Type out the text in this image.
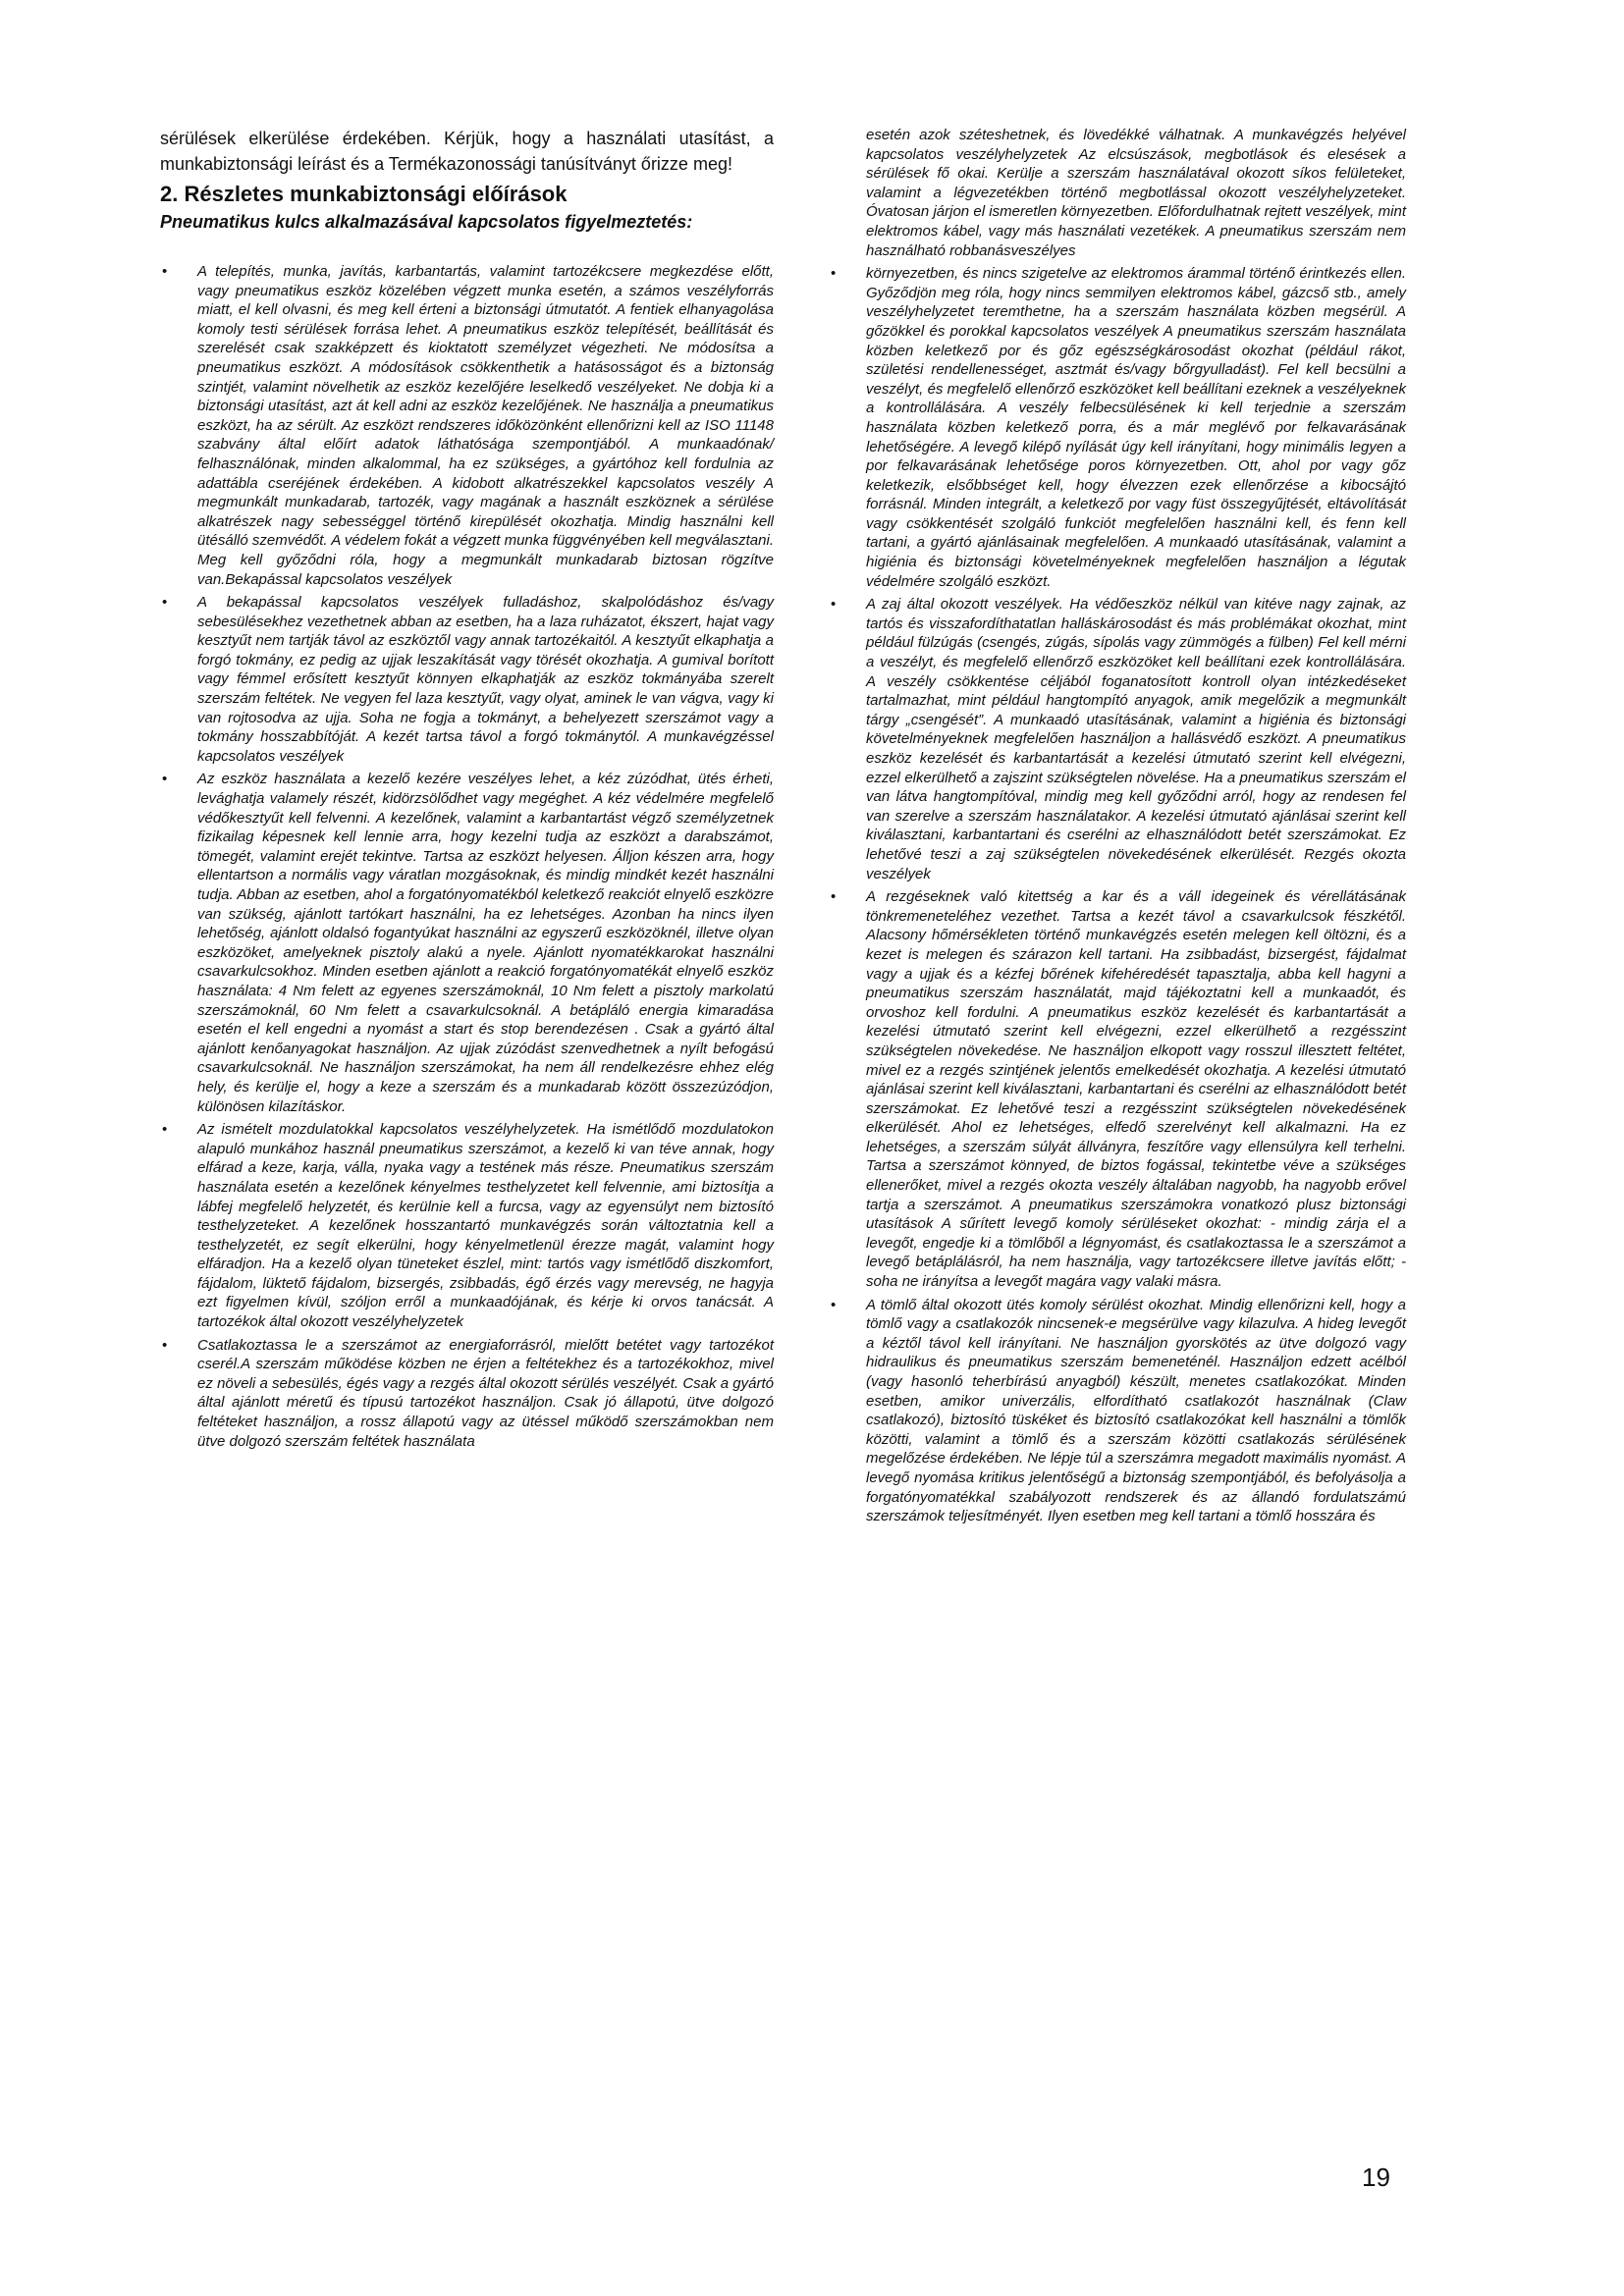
sérülések elkerülése érdekében. Kérjük, hogy a használati utasítást, a munkabiztonsági leírást és a Termékazonossági tanúsítványt őrizze meg!

2. Részletes munkabiztonsági előírások
Pneumatikus kulcs alkalmazásával kapcsolatos figyelmeztetés:
• A telepítés, munka, javítás, karbantartás, valamint tartozékcsere megkezdése előtt, vagy pneumatikus eszköz közelében végzett munka esetén, a számos veszélyforrás miatt, el kell olvasni, és meg kell érteni a biztonsági útmutatót. A fentiek elhanyagolása komoly testi sérülések forrása lehet. A pneumatikus eszköz telepítését, beállítását és szerelését csak szakképzett és kioktatott személyzet végezheti. Ne módosítsa a pneumatikus eszközt. A módosítások csökkenthetik a hatásosságot és a biztonság szintjét, valamint növelhetik az eszköz kezelőjére leselkedő veszélyeket. Ne dobja ki a biztonsági utasítást, azt át kell adni az eszköz kezelőjének. Ne használja a pneumatikus eszközt, ha az sérült. Az eszközt rendszeres időközönként ellenőrizni kell az ISO 11148 szabvány által előírt adatok láthatósága szempontjából. A munkaadónak/ felhasználónak, minden alkalommal, ha ez szükséges, a gyártóhoz kell fordulnia az adattábla cseréjének érdekében. A kidobott alkatrészekkel kapcsolatos veszély A megmunkált munkadarab, tartozék, vagy magának a használt eszköznek a sérülése alkatrészek nagy sebességgel történő kirepülését okozhatja. Mindig használni kell ütésálló szemvédőt. A védelem fokát a végzett munka függvényében kell megválasztani. Meg kell győződni róla, hogy a megmunkált munkadarab biztosan rögzítve van.Bekapással kapcsolatos veszélyek
• A bekapással kapcsolatos veszélyek fulladáshoz, skalpolódáshoz és/vagy sebesülésekhez vezethetnek abban az esetben, ha a laza ruházatot, ékszert, hajat vagy kesztyűt nem tartják távol az eszköztől vagy annak tartozékaitól. A kesztyűt elkaphatja a forgó tokmány, ez pedig az ujjak leszakítását vagy törését okozhatja. A gumival borított vagy fémmel erősített kesztyűt könnyen elkaphatják az eszköz tokmányába szerelt szerszám feltétek. Ne vegyen fel laza kesztyűt, vagy olyat, aminek le van vágva, vagy ki van rojtosodva az ujja. Soha ne fogja a tokmányt, a behelyezett szerszámot vagy a tokmány hosszabbítóját. A kezét tartsa távol a forgó tokmánytól. A munkavégzéssel kapcsolatos veszélyek
• Az eszköz használata a kezelő kezére veszélyes lehet, a kéz zúzódhat, ütés érheti, levághatja valamely részét, kidörzsölődhet vagy megéghet. A kéz védelmére megfelelő védőkesztyűt kell felvenni. A kezelőnek, valamint a karbantartást végző személyzetnek fizikailag képesnek kell lennie arra, hogy kezelni tudja az eszközt a darabszámot, tömegét, valamint erejét tekintve. Tartsa az eszközt helyesen. Álljon készen arra, hogy ellentartson a normális vagy váratlan mozgásoknak, és mindig mindkét kezét használni tudja. Abban az esetben, ahol a forgatónyomatékból keletkező reakciót elnyelő eszközre van szükség, ajánlott tartókart használni, ha ez lehetséges. Azonban ha nincs ilyen lehetőség, ajánlott oldalsó fogantyúkat használni az egyszerű eszközöknél, illetve olyan eszközöket, amelyeknek pisztoly alakú a nyele. Ajánlott nyomatékkarokat használni csavarkulcsokhoz. Minden esetben ajánlott a reakció forgatónyomatékát elnyelő eszköz használata: 4 Nm felett az egyenes szerszámoknál, 10 Nm felett a pisztoly markolatú szerszámoknál, 60 Nm felett a csavarkulcsoknál. A betápláló energia kimaradása esetén el kell engedni a nyomást a start és stop berendezésen . Csak a gyártó által ajánlott kenőanyagokat használjon. Az ujjak zúzódást szenvedhetnek a nyílt befogású csavarkulcsoknál. Ne használjon szerszámokat, ha nem áll rendelkezésre ehhez elég hely, és kerülje el, hogy a keze a szerszám és a munkadarab között összezúzódjon, különösen kilazításkor.
• Az ismételt mozdulatokkal kapcsolatos veszélyhelyzetek. Ha ismétlődő mozdulatokon alapuló munkához használ pneumatikus szerszámot, a kezelő ki van téve annak, hogy elfárad a keze, karja, válla, nyaka vagy a testének más része. Pneumatikus szerszám használata esetén a kezelőnek kényelmes testhelyzetet kell felvennie, ami biztosítja a lábfej megfelelő helyzetét, és kerülnie kell a furcsa, vagy az egyensúlyt nem biztosító testhelyzeteket. A kezelőnek hosszantartó munkavégzés során változtatnia kell a testhelyzetét, ez segít elkerülni, hogy kényelmetlenül érezze magát, valamint hogy elfáradjon. Ha a kezelő olyan tüneteket észlel, mint: tartós vagy ismétlődő diszkomfort, fájdalom, lüktető fájdalom, bizsergés, zsibbadás, égő érzés vagy merevség, ne hagyja ezt figyelmen kívül, szóljon erről a munkaadójának, és kérje ki orvos tanácsát. A tartozékok által okozott veszélyhelyzetek
• Csatlakoztassa le a szerszámot az energiaforrásról, mielőtt betétet vagy tartozékot cserél.A szerszám működése közben ne érjen a feltétekhez és a tartozékokhoz, mivel ez növeli a sebesülés, égés vagy a rezgés által okozott sérülés veszélyét. Csak a gyártó által ajánlott méretű és típusú tartozékot használjon. Csak jó állapotú, ütve dolgozó feltéteket használjon, a rossz állapotú vagy az ütéssel működő szerszámokban nem ütve dolgozó szerszám feltétek használata

esetén azok széteshetnek, és lövedékké válhatnak. A munkavégzés helyével kapcsolatos veszélyhelyzetek Az elcsúszások, megbotlások és elesések a sérülések fő okai. Kerülje a szerszám használatával okozott síkos felületeket, valamint a légvezetékben történő megbotlással okozott veszélyhelyzeteket. Óvatosan járjon el ismeretlen környezetben. Előfordulhatnak rejtett veszélyek, mint elektromos kábel, vagy más használati vezetékek. A pneumatikus szerszám nem használható robbanásveszélyes

• környezetben, és nincs szigetelve az elektromos árammal történő érintkezés ellen. Győződjön meg róla, hogy nincs semmilyen elektromos kábel, gázcső stb., amely veszélyhelyzetet teremthetne, ha a szerszám használata közben megsérül. A gőzökkel és porokkal kapcsolatos veszélyek A pneumatikus szerszám használata közben keletkező por és gőz egészségkárosodást okozhat (például rákot, születési rendellenességet, asztmát és/vagy bőrgyulladást). Fel kell becsülni a veszélyt, és megfelelő ellenőrző eszközöket kell beállítani ezeknek a veszélyeknek a kontrollálására. A veszély felbecsülésének ki kell terjednie a szerszám használata közben keletkező porra, és a már meglévő por felkavarásának lehetőségére. A levegő kilépő nyílását úgy kell irányítani, hogy minimális legyen a por felkavarásának lehetősége poros környezetben. Ott, ahol por vagy gőz keletkezik, elsőbbséget kell, hogy élvezzen ezek ellenőrzése a kibocsájtó forrásnál. Minden integrált, a keletkező por vagy füst összegyűjtését, eltávolítását vagy csökkentését szolgáló funkciót megfelelően használni kell, és fenn kell tartani, a gyártó ajánlásainak megfelelően. A munkaadó utasításának, valamint a higiénia és biztonsági követelményeknek megfelelően használjon a légutak védelmére szolgáló eszközt.
• A zaj által okozott veszélyek. Ha védőeszköz nélkül van kitéve nagy zajnak, az tartós és visszafordíthatatlan halláskárosodást és más problémákat okozhat, mint például fülzúgás (csengés, zúgás, sípolás vagy zümmögés a fülben) Fel kell mérni a veszélyt, és megfelelő ellenőrző eszközöket kell beállítani ezek kontrollálására. A veszély csökkentése céljából foganatosított kontroll olyan intézkedéseket tartalmazhat, mint például hangtompító anyagok, amik megelőzik a megmunkált tárgy „csengését”. A munkaadó utasításának, valamint a higiénia és biztonsági követelményeknek megfelelően használjon a hallásvédő eszközt. A pneumatikus eszköz kezelését és karbantartását a kezelési útmutató szerint kell elvégezni, ezzel elkerülhető a zajszint szükségtelen növelése. Ha a pneumatikus szerszám el van látva hangtompítóval, mindig meg kell győződni arról, hogy az rendesen fel van szerelve a szerszám használatakor. A kezelési útmutató ajánlásai szerint kell kiválasztani, karbantartani és cserélni az elhasználódott betét szerszámokat. Ez lehetővé teszi a zaj szükségtelen növekedésének elkerülését. Rezgés okozta veszélyek
• A rezgéseknek való kitettség a kar és a váll idegeinek és vérellátásának tönkremeneteléhez vezethet. Tartsa a kezét távol a csavarkulcsok fészkétől. Alacsony hőmérsékleten történő munkavégzés esetén melegen kell öltözni, és a kezet is melegen és szárazon kell tartani. Ha zsibbadást, bizsergést, fájdalmat vagy a ujjak és a kézfej bőrének kifehéredését tapasztalja, abba kell hagyni a pneumatikus szerszám használatát, majd tájékoztatni kell a munkaadót, és orvoshoz kell fordulni. A pneumatikus eszköz kezelését és karbantartását a kezelési útmutató szerint kell elvégezni, ezzel elkerülhető a rezgésszint szükségtelen növekedése. Ne használjon elkopott vagy rosszul illesztett feltétet, mivel ez a rezgés szintjének jelentős emelkedését okozhatja. A kezelési útmutató ajánlásai szerint kell kiválasztani, karbantartani és cserélni az elhasználódott betét szerszámokat. Ez lehetővé teszi a rezgésszint szükségtelen növekedésének elkerülését. Ahol ez lehetséges, elfedő szerelvényt kell alkalmazni. Ha ez lehetséges, a szerszám súlyát állványra, feszítőre vagy ellensúlyra kell terhelni. Tartsa a szerszámot könnyed, de biztos fogással, tekintetbe véve a szükséges ellenerőket, mivel a rezgés okozta veszély általában nagyobb, ha nagyobb erővel tartja a szerszámot. A pneumatikus szerszámokra vonatkozó plusz biztonsági utasítások A sűrített levegő komoly sérüléseket okozhat: - mindig zárja el a levegőt, engedje ki a tömlőből a légnyomást, és csatlakoztassa le a szerszámot a levegő betáplálásról, ha nem használja, vagy tartozékcsere illetve javítás előtt; - soha ne irányítsa a levegőt magára vagy valaki másra.
• A tömlő által okozott ütés komoly sérülést okozhat. Mindig ellenőrizni kell, hogy a tömlő vagy a csatlakozók nincsenek-e megsérülve vagy kilazulva. A hideg levegőt a kéztől távol kell irányítani. Ne használjon gyorskötés az ütve dolgozó vagy hidraulikus és pneumatikus szerszám bemeneténél. Használjon edzett acélból (vagy hasonló teherbírású anyagból) készült, menetes csatlakozókat. Minden esetben, amikor univerzális, elfordítható csatlakozót használnak (Claw csatlakozó), biztosító tüskéket és biztosító csatlakozókat kell használni a tömlők közötti, valamint a tömlő és a szerszám közötti csatlakozás sérülésének megelőzése érdekében. Ne lépje túl a szerszámra megadott maximális nyomást. A levegő nyomása kritikus jelentőségű a biztonság szempontjából, és befolyásolja a forgatónyomatékkal szabályozott rendszerek és az állandó fordulatszámú szerszámok teljesítményét. Ilyen esetben meg kell tartani a tömlő hosszára és
19
